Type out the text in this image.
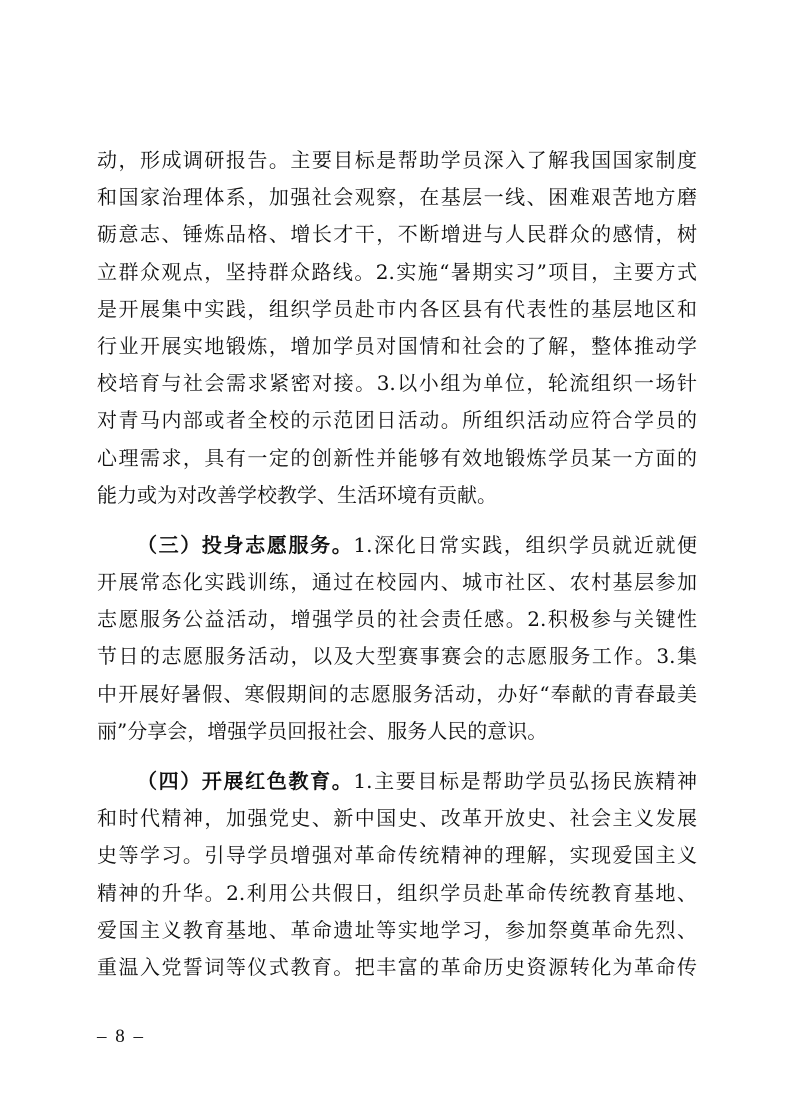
动，形成调研报告。主要目标是帮助学员深入了解我国国家制度
和国家治理体系，加强社会观察，在基层一线、困难艰苦地方磨
砺意志、锤炼品格、增长才干，不断增进与人民群众的感情，树
立群众观点，坚持群众路线。2.实施“暑期实习”项目，主要方式
是开展集中实践，组织学员赴市内各区县有代表性的基层地区和
行业开展实地锻炼，增加学员对国情和社会的了解，整体推动学
校培育与社会需求紧密对接。3.以小组为单位，轮流组织一场针
对青马内部或者全校的示范团日活动。所组织活动应符合学员的
心理需求，具有一定的创新性并能够有效地锻炼学员某一方面的
能力或为对改善学校教学、生活环境有贡献。
（三）投身志愿服务。1.深化日常实践，组织学员就近就便
开展常态化实践训练，通过在校园内、城市社区、农村基层参加
志愿服务公益活动，增强学员的社会责任感。2.积极参与关键性
节日的志愿服务活动，以及大型赛事赛会的志愿服务工作。3.集
中开展好暑假、寒假期间的志愿服务活动，办好“奉献的青春最美
丽”分享会，增强学员回报社会、服务人民的意识。
（四）开展红色教育。1.主要目标是帮助学员弘扬民族精神
和时代精神，加强党史、新中国史、改革开放史、社会主义发展
史等学习。引导学员增强对革命传统精神的理解，实现爱国主义
精神的升华。2.利用公共假日，组织学员赴革命传统教育基地、
爱国主义教育基地、革命遗址等实地学习，参加祭奠革命先烈、
重温入党誓词等仪式教育。把丰富的革命历史资源转化为革命传
– 8 –
